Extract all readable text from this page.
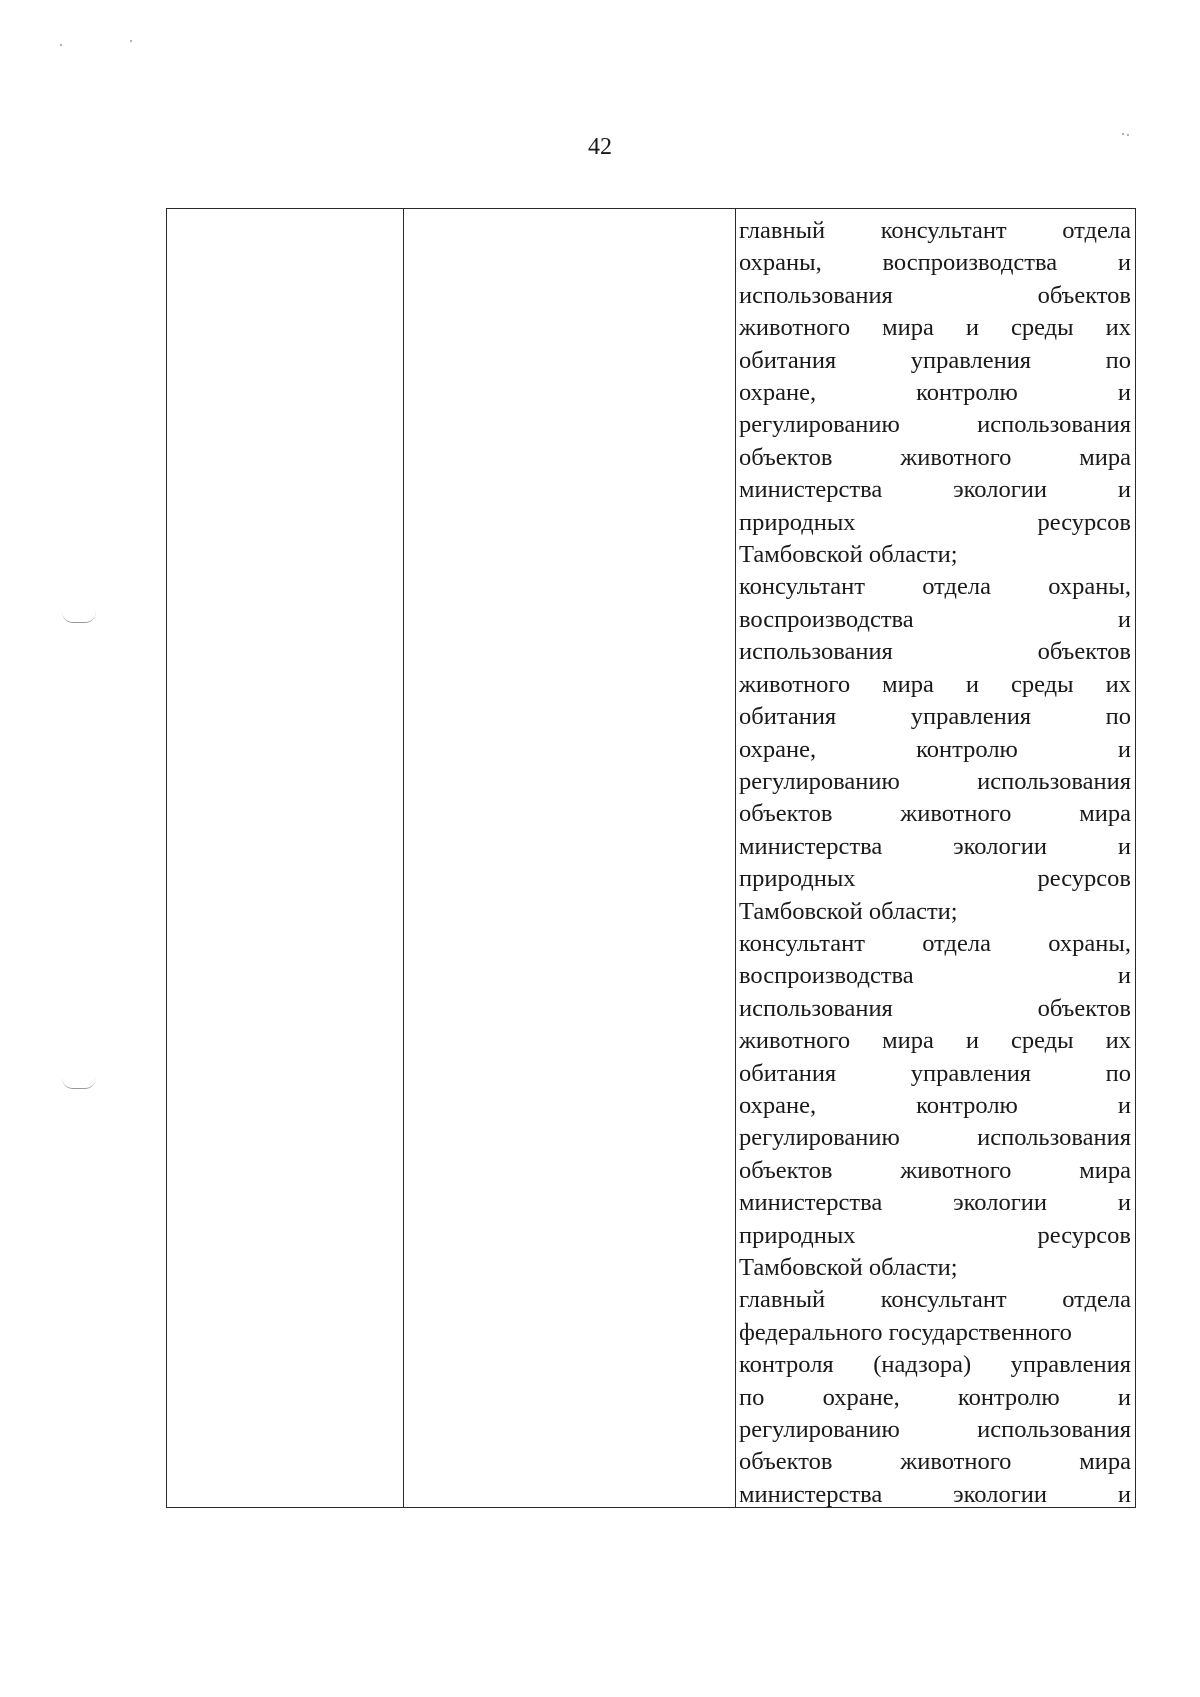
42
главный консультант отдела
охраны, воспроизводства и
использования	объектов
животного мира и среды их
обитания	управления	по
охране,	контролю	и
регулированию	использования
объектов	животного	мира
министерства	экологии	и
природных	ресурсов
Тамбовской области;
консультант отдела охраны,
воспроизводства	и
использования	объектов
животного мира и среды их
обитания	управления	по
охране,	контролю	и
регулированию	использования
объектов	животного	мира
министерства	экологии	и
природных	ресурсов
Тамбовской области;
консультант отдела охраны,
воспроизводства	и
использования	объектов
животного мира и среды их
обитания	управления	по
охране,	контролю	и
регулированию	использования
объектов	животного	мира
министерства	экологии	и
природных	ресурсов
Тамбовской области;
главный консультант отдела
федерального государственного
контроля (надзора) управления
по охране, контролю и
регулированию	использования
объектов	животного	мира
министерства	экологии	и
